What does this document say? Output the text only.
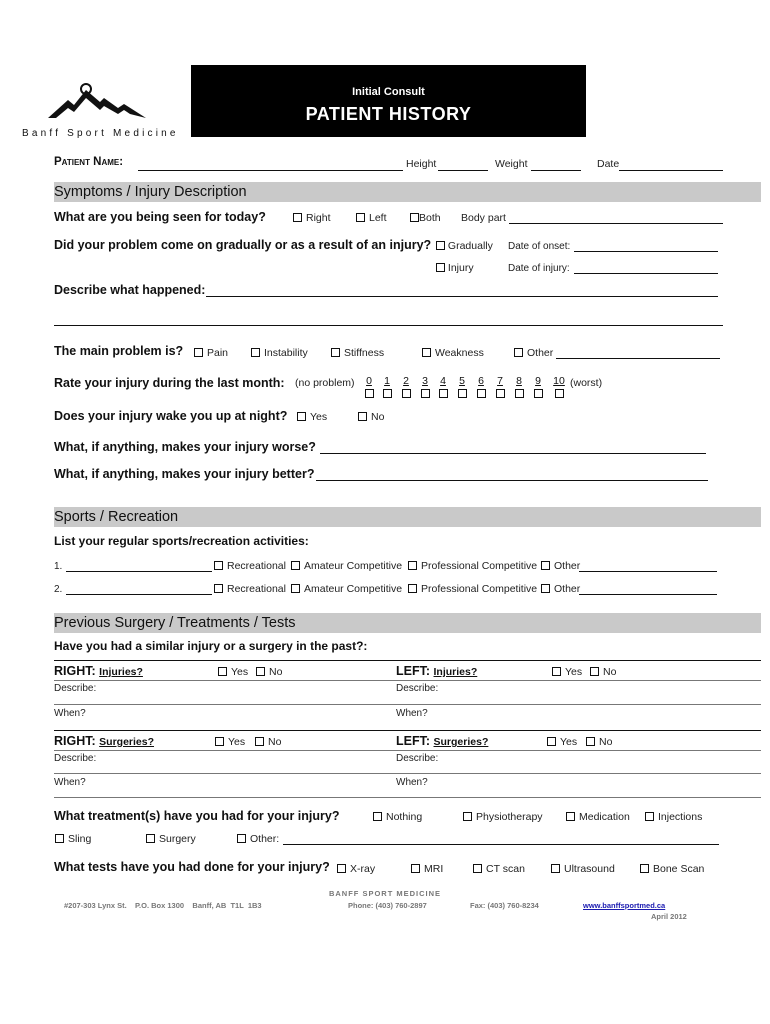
Banff Sport Medicine
Initial Consult
PATIENT HISTORY
Patient Name:	Height	Weight	Date
Symptoms / Injury Description
What are you being seen for today?	Right	Left	Both Body part
Did your problem come on gradually or as a result of an injury?	Gradually Date of onset:
Injury	Date of injury:
Describe what happened:
The main problem is?	Pain	Instability	Stiffness	Weakness	Other
Rate your injury during the last month: (no problem) 0 1 2 3 4 5 6 7 8 9 10 (worst)
Does your injury wake you up at night?	Yes	No
What, if anything, makes your injury worse?
What, if anything, makes your injury better?
Sports / Recreation
List your regular sports/recreation activities:
1.	Recreational	Amateur Competitive	Professional Competitive	Other
2.	Recreational	Amateur Competitive	Professional Competitive	Other
Previous Surgery / Treatments / Tests
Have you had a similar injury or a surgery in the past?:
RIGHT: Injuries?	Yes	No	LEFT: Injuries?	Yes	No
Describe:	Describe:
When?	When?
RIGHT: Surgeries?	Yes	No	LEFT: Surgeries?	Yes	No
Describe:	Describe:
When?	When?
What treatment(s) have you had for your injury?	Nothing	Physiotherapy	Medication	Injections
Sling	Surgery	Other:
What tests have you had done for your injury?	X-ray	MRI	CT scan	Ultrasound	Bone Scan
BANFF SPORT MEDICINE
#207-303 Lynx St.    P.O. Box 1300    Banff, AB  T1L  1B3	Phone: (403) 760-2897	Fax: (403) 760-8234	www.banffsportmed.ca
April 2012
